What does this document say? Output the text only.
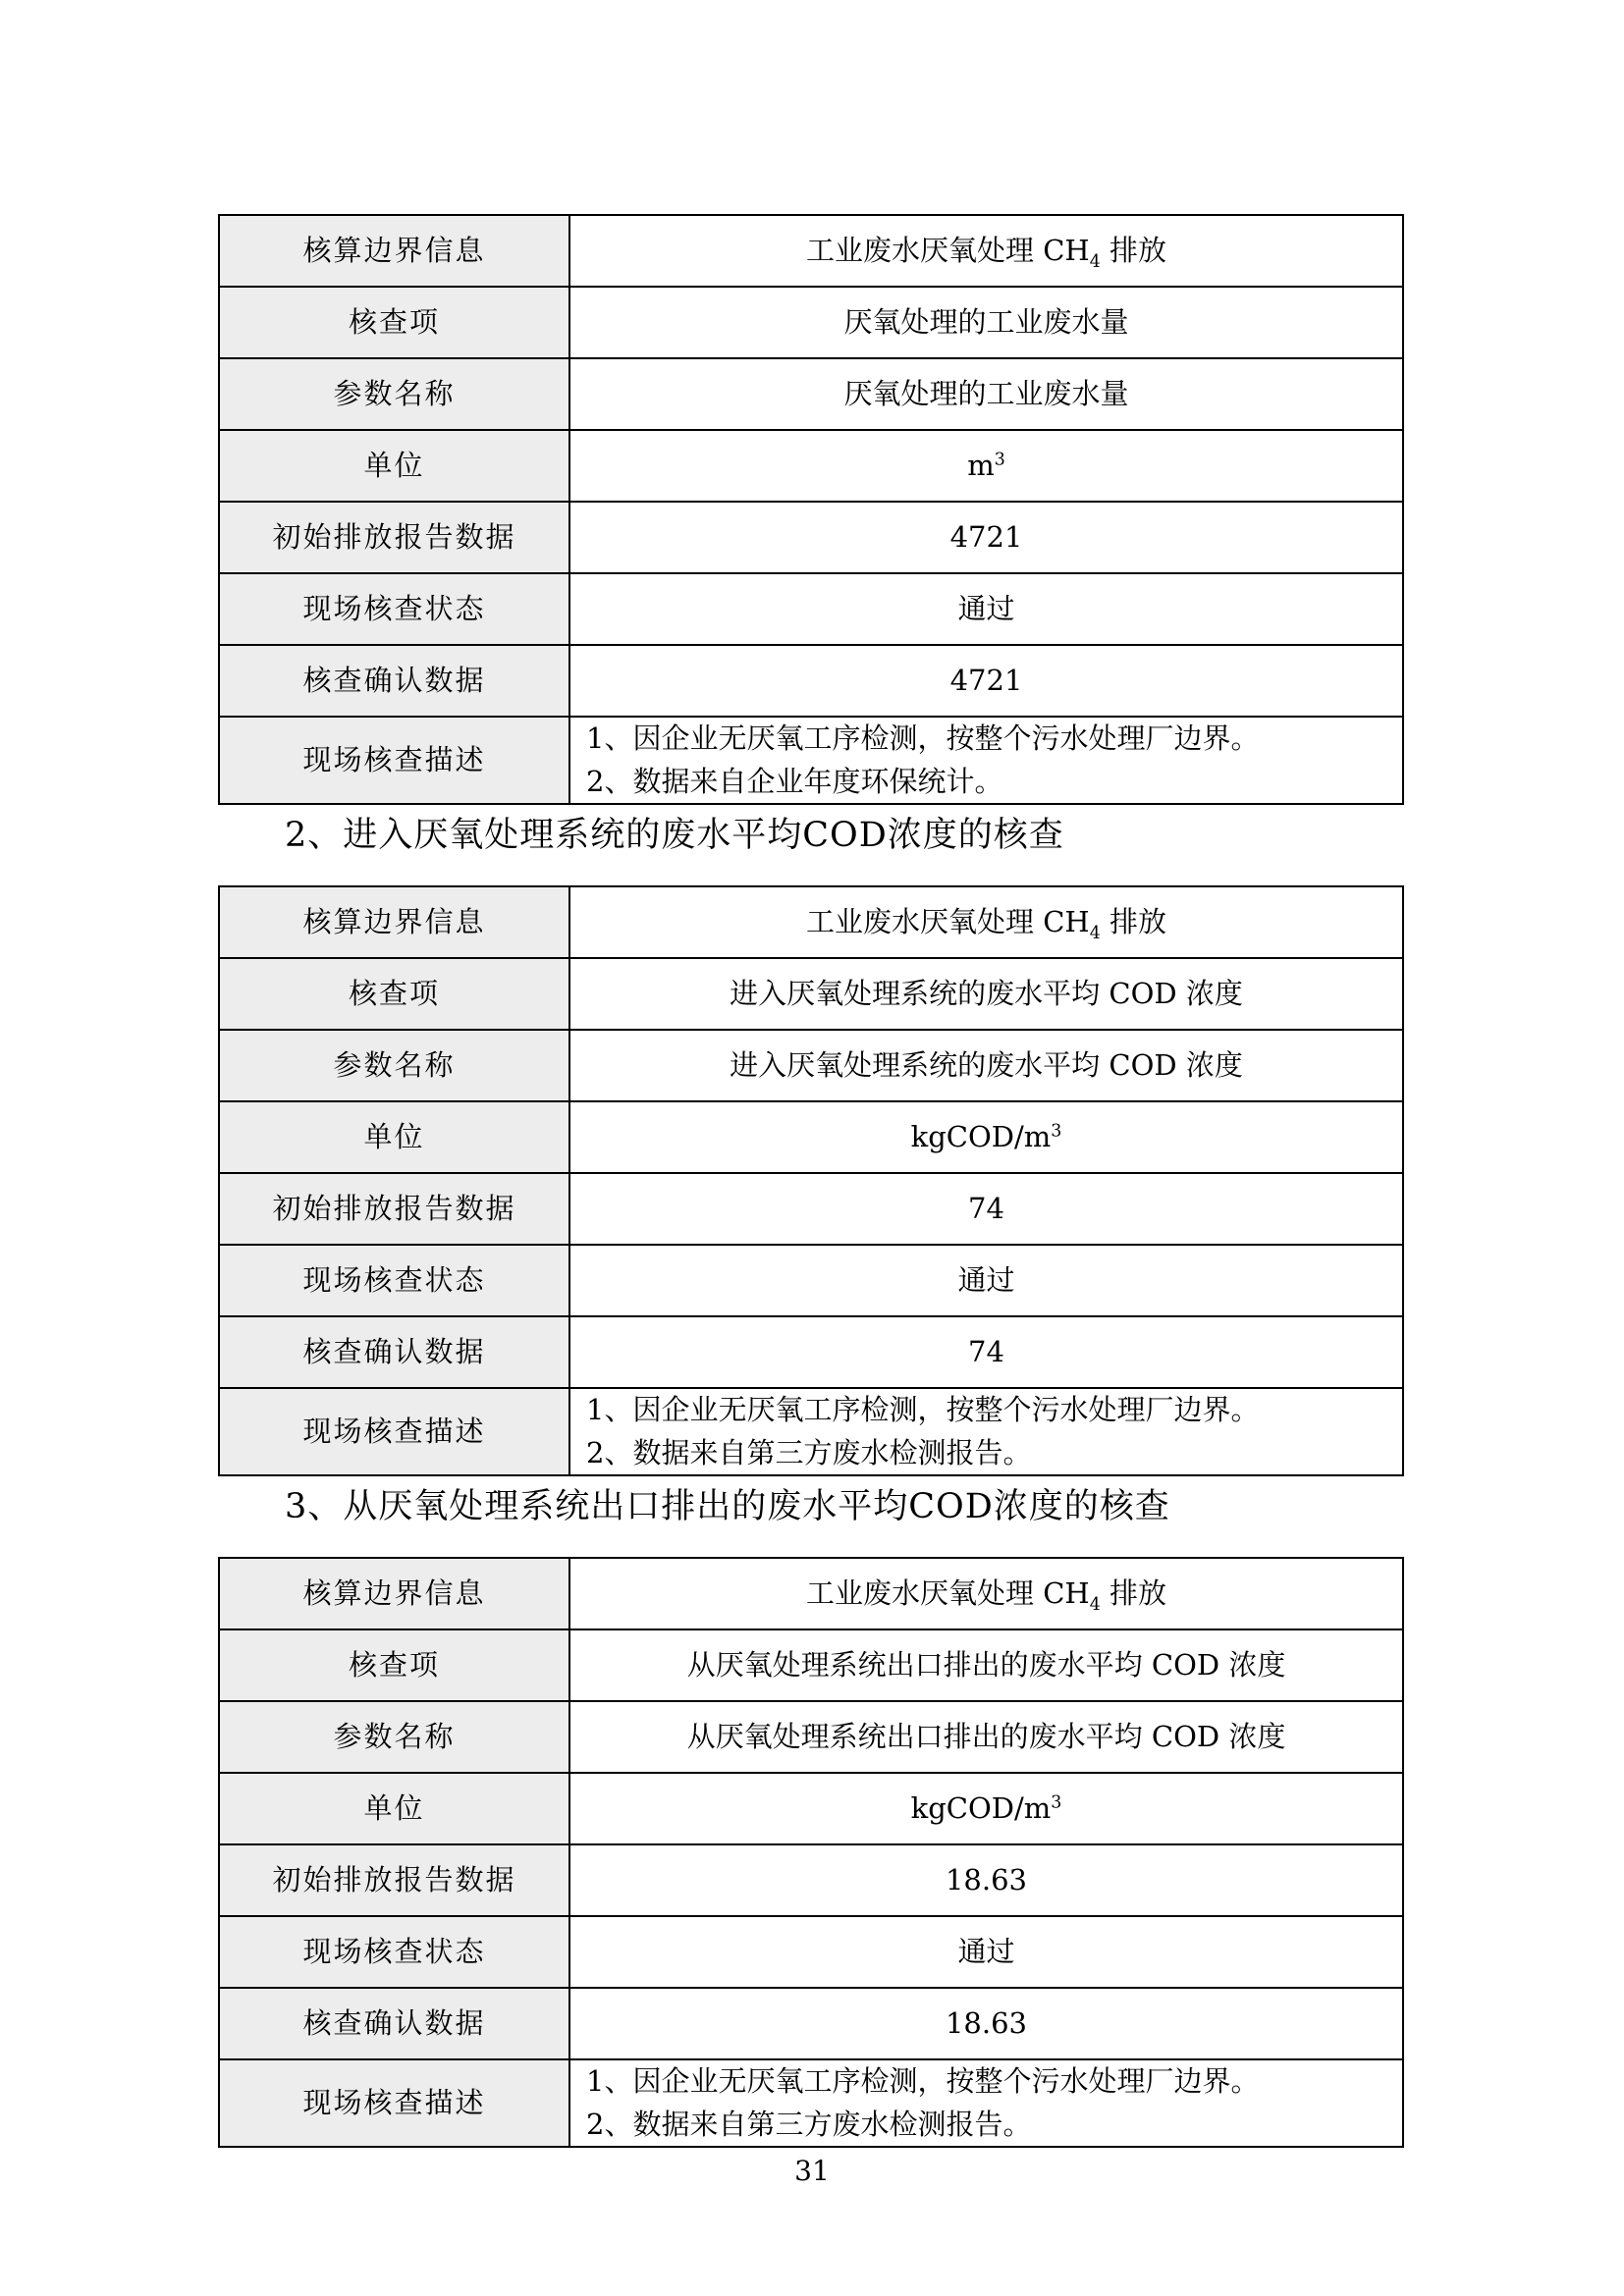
核算边界信息	工业废水厌氧处理 $CH_4$ 排放
核查项	厌氧处理的工业废水量
参数名称	厌氧处理的工业废水量
单位	$m^3$
初始排放报告数据	4721
现场核查状态	通过
核查确认数据	4721
现场核查描述	1、因企业无厌氧工序检测，按整个污水处理厂边界。
2、数据来自企业年度环保统计。
2、进入厌氧处理系统的废水平均COD浓度的核查
核算边界信息	工业废水厌氧处理 $CH_4$ 排放
核查项	进入厌氧处理系统的废水平均 COD 浓度
参数名称	进入厌氧处理系统的废水平均 COD 浓度
单位	kgCOD/$m^3$
初始排放报告数据	74
现场核查状态	通过
核查确认数据	74
现场核查描述	1、因企业无厌氧工序检测，按整个污水处理厂边界。
2、数据来自第三方废水检测报告。
3、从厌氧处理系统出口排出的废水平均COD浓度的核查
核算边界信息	工业废水厌氧处理 $CH_4$ 排放
核查项	从厌氧处理系统出口排出的废水平均 COD 浓度
参数名称	从厌氧处理系统出口排出的废水平均 COD 浓度
单位	kgCOD/$m^3$
初始排放报告数据	18.63
现场核查状态	通过
核查确认数据	18.63
现场核查描述	1、因企业无厌氧工序检测，按整个污水处理厂边界。
2、数据来自第三方废水检测报告。
31
